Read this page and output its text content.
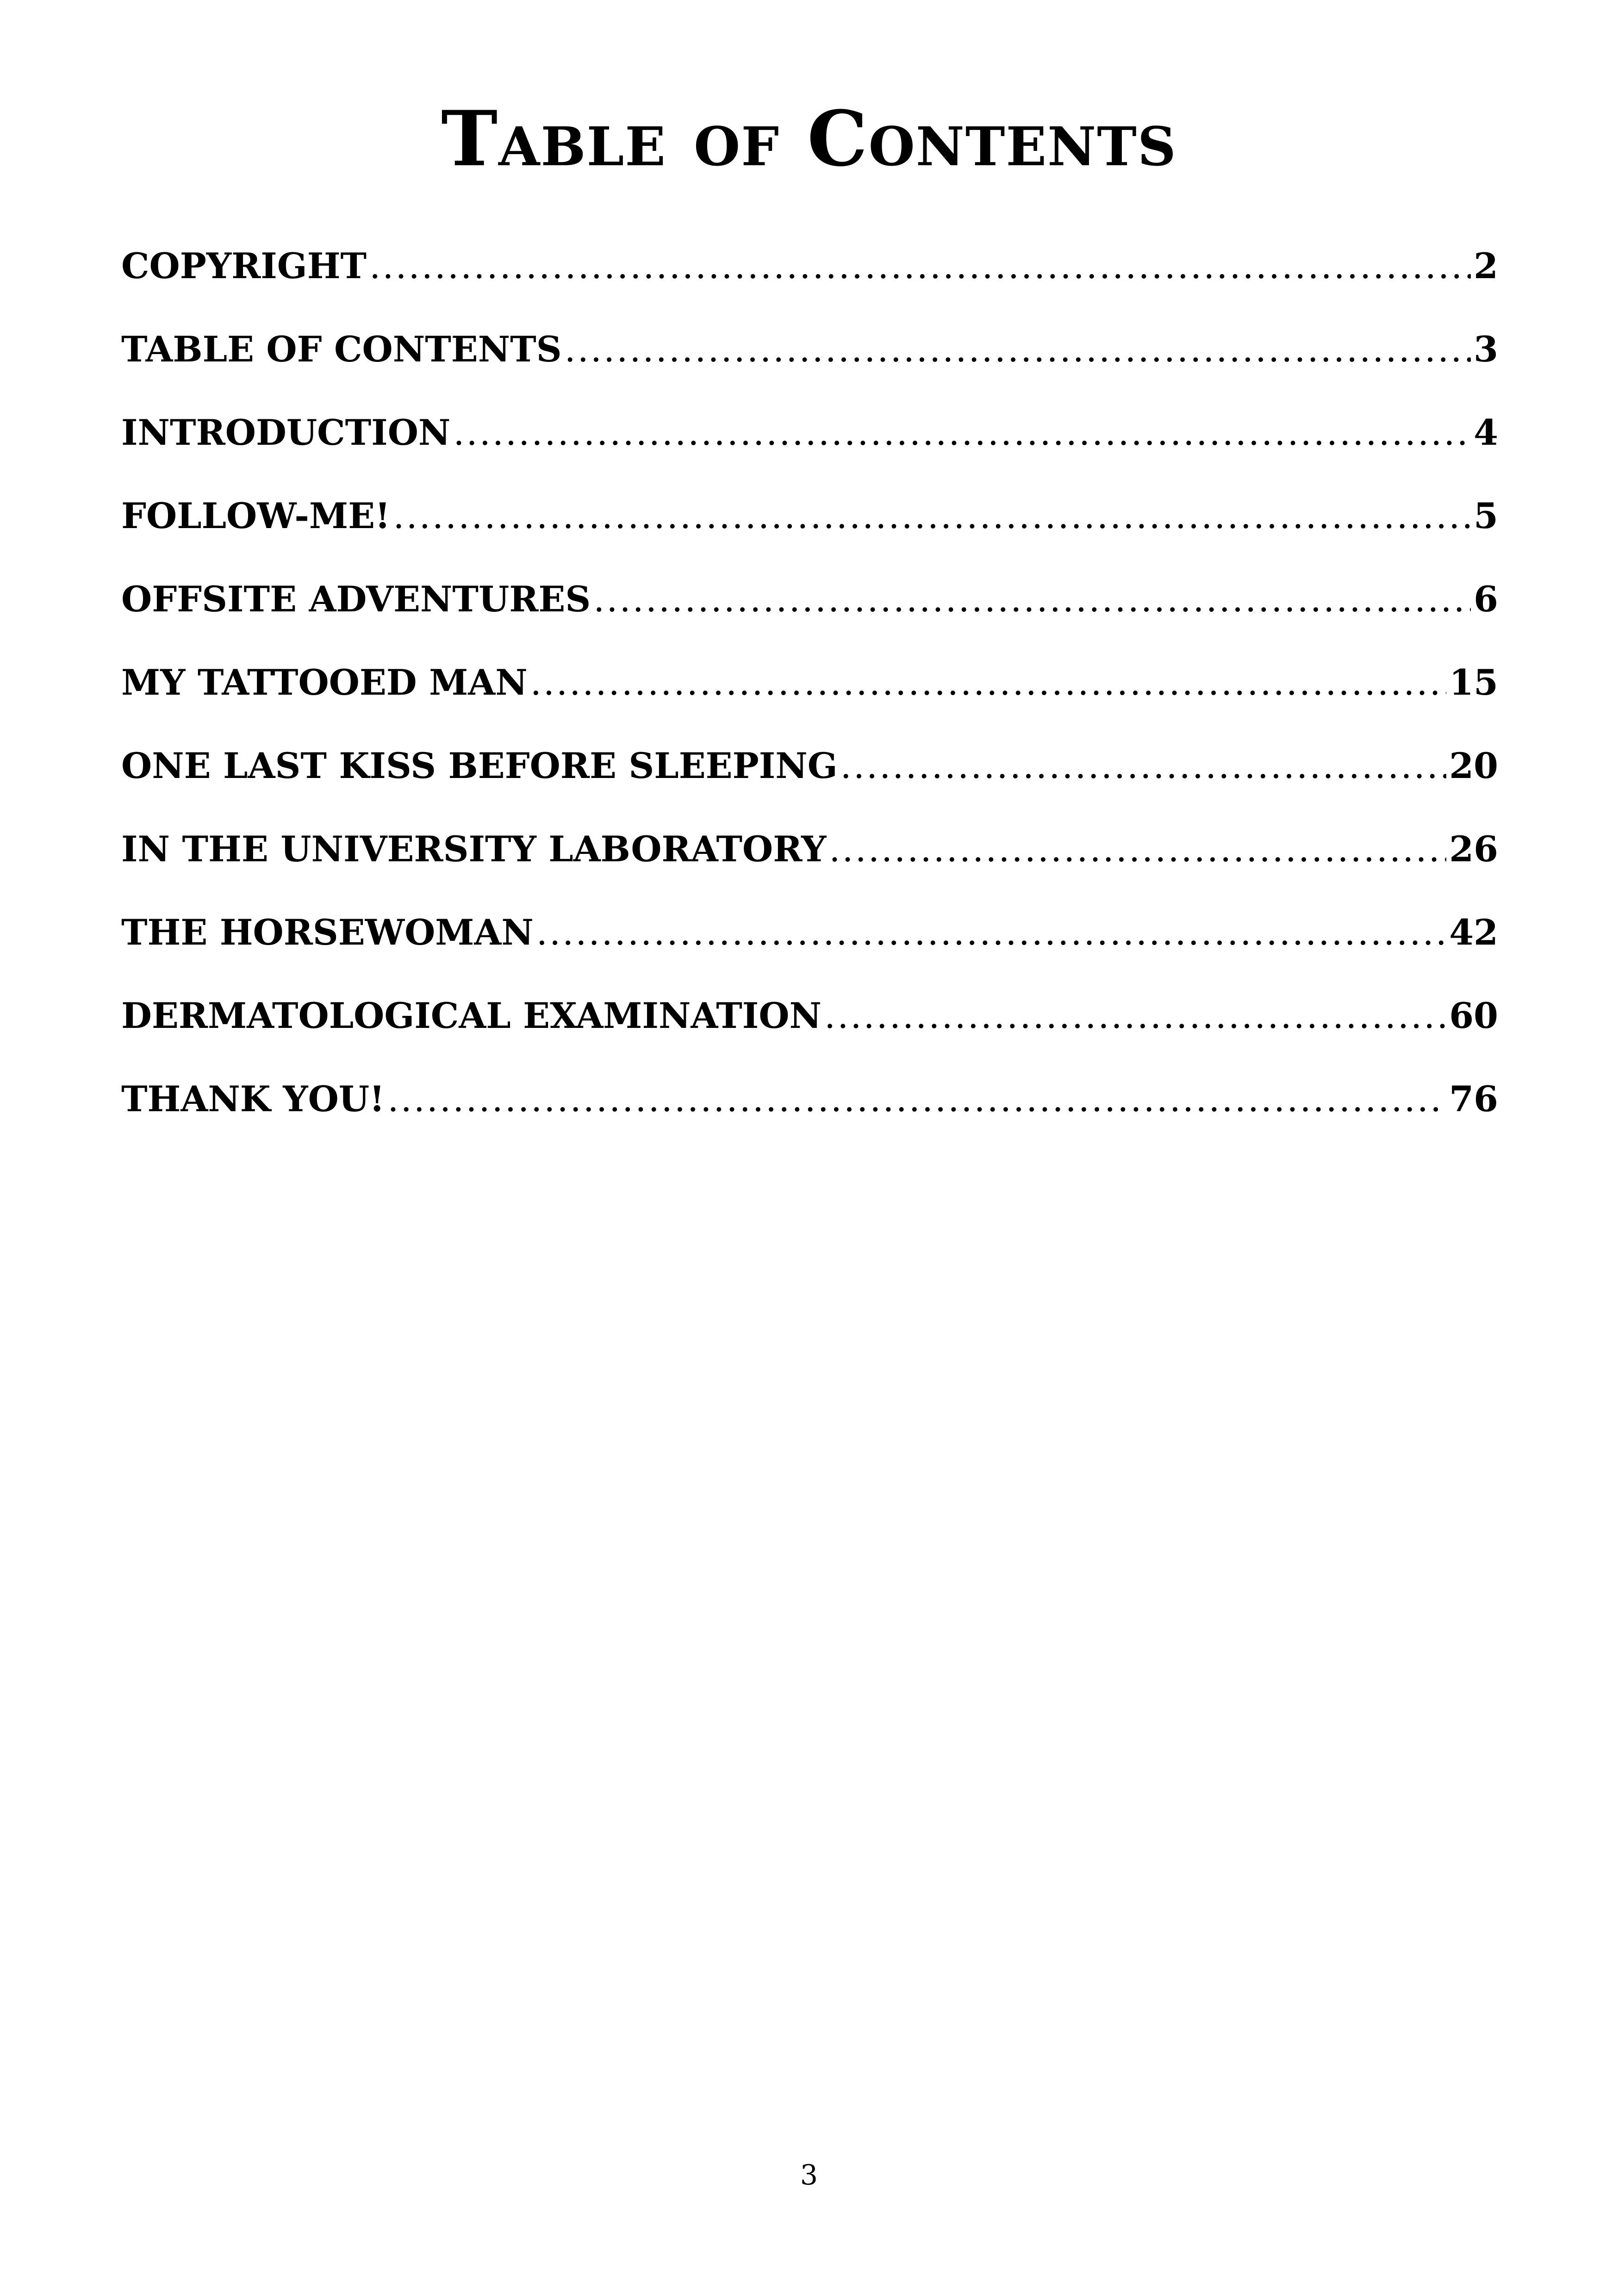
Table of Contents
COPYRIGHT .....	2
TABLE OF CONTENTS .....	3
INTRODUCTION .....	4
FOLLOW-ME! .....	5
OFFSITE ADVENTURES .....	6
MY TATTOOED MAN .....	15
ONE LAST KISS BEFORE SLEEPING .....	20
IN THE UNIVERSITY LABORATORY .....	26
THE HORSEWOMAN .....	42
DERMATOLOGICAL EXAMINATION .....	60
THANK YOU! .....	76

3
